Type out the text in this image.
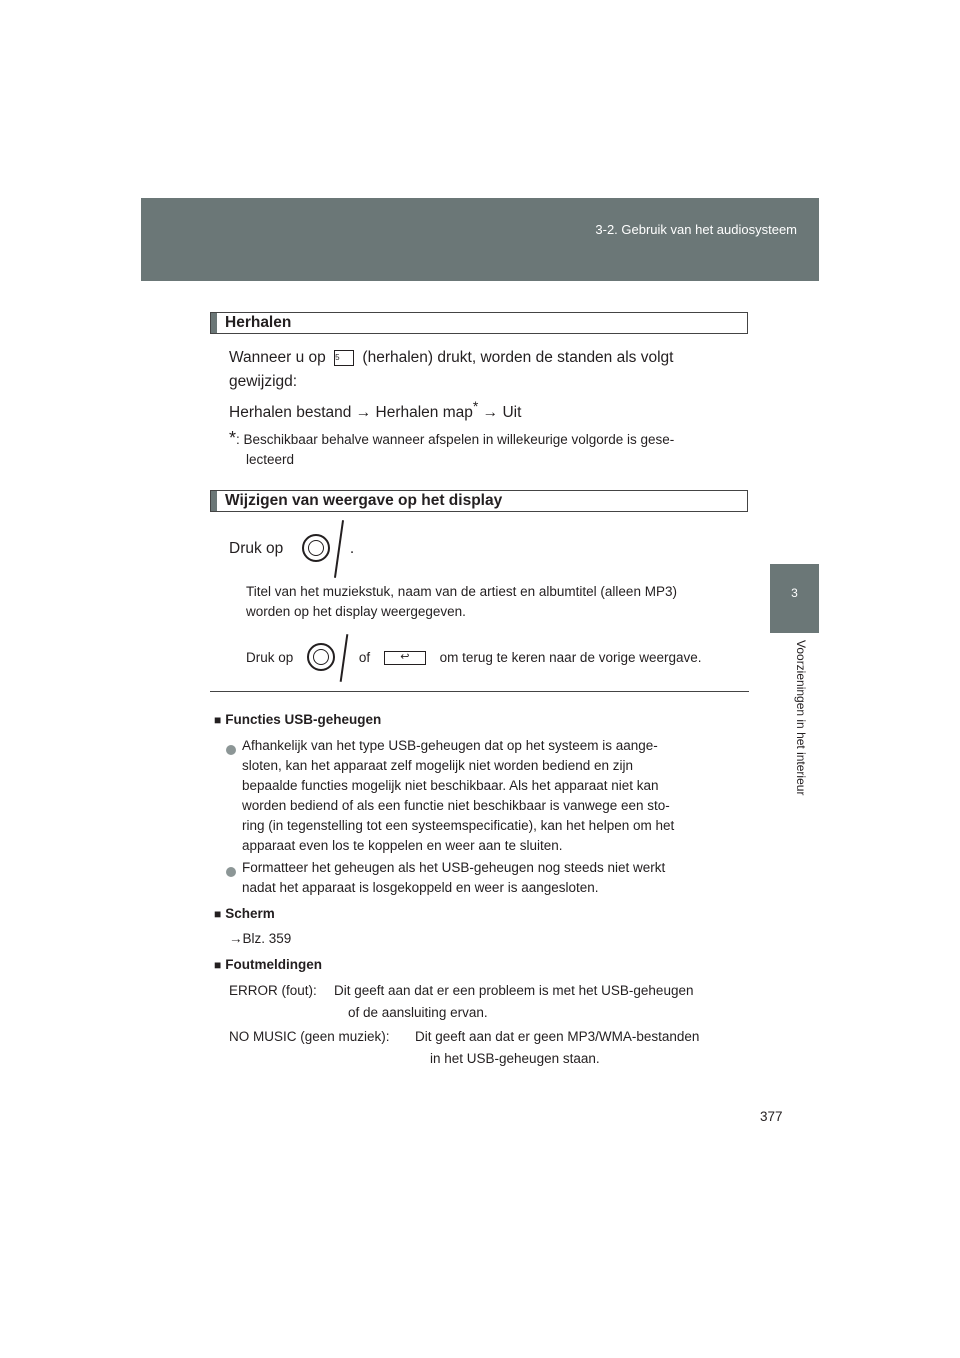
3-2. Gebruik van het audiosysteem
3
Voorzieningen in het interieur
Herhalen
Wanneer u op 5 (herhalen) drukt, worden de standen als volgt
gewijzigd:
Herhalen bestand → Herhalen map* → Uit
*: Beschikbaar behalve wanneer afspelen in willekeurige volgorde is gese-
lecteerd
Wijzigen van weergave op het display
Druk op	.
Titel van het muziekstuk, naam van de artiest en albumtitel (alleen MP3)
worden op het display weergegeven.
Druk op	of	↩ om terug te keren naar de vorige weergave.
■ Functies USB-geheugen
Afhankelijk van het type USB-geheugen dat op het systeem is aange-
sloten, kan het apparaat zelf mogelijk niet worden bediend en zijn
bepaalde functies mogelijk niet beschikbaar. Als het apparaat niet kan
worden bediend of als een functie niet beschikbaar is vanwege een sto-
ring (in tegenstelling tot een systeemspecificatie), kan het helpen om het
apparaat even los te koppelen en weer aan te sluiten.
Formatteer het geheugen als het USB-geheugen nog steeds niet werkt
nadat het apparaat is losgekoppeld en weer is aangesloten.
■ Scherm
→Blz. 359
■ Foutmeldingen
ERROR (fout): Dit geeft aan dat er een probleem is met het USB-geheugen
of de aansluiting ervan.
NO MUSIC (geen muziek): Dit geeft aan dat er geen MP3/WMA-bestanden
in het USB-geheugen staan.
377
